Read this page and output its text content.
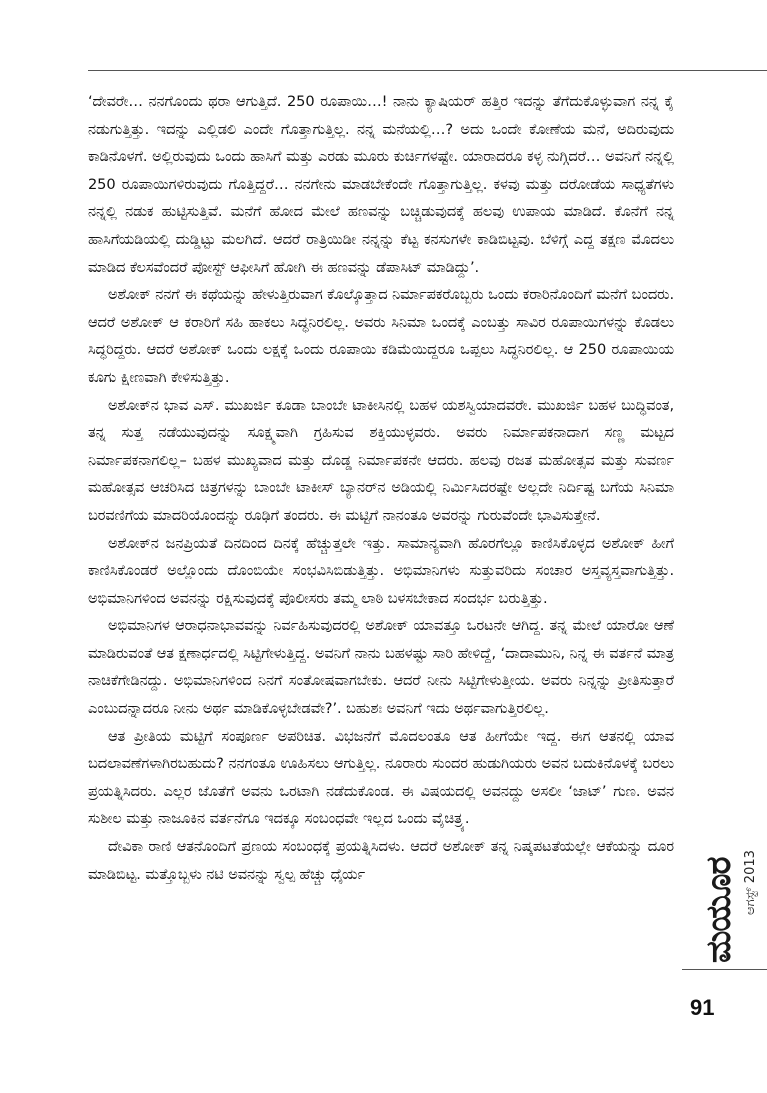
‘ದೇವರೇ… ನನಗೊಂದು ಥರಾ ಆಗುತ್ತಿದೆ. 250 ರೂಪಾಯಿ…! ನಾನು ಕ್ಯಾಷಿಯರ್ ಹತ್ತಿರ ಇದನ್ನು ತೆಗೆದುಕೊಳ್ಳುವಾಗ ನನ್ನ ಕೈ ನಡುಗುತ್ತಿತ್ತು. ಇದನ್ನು ಎಲ್ಲಿಡಲಿ ಎಂದೇ ಗೊತ್ತಾಗುತ್ತಿಲ್ಲ. ನನ್ನ ಮನೆಯಲ್ಲಿ…? ಅದು ಒಂದೇ ಕೋಣೆಯ ಮನೆ, ಅದಿರುವುದು ಕಾಡಿನೊಳಗೆ. ಅಲ್ಲಿರುವುದು ಒಂದು ಹಾಸಿಗೆ ಮತ್ತು ಎರಡು ಮೂರು ಕುರ್ಚಿಗಳಷ್ಟೇ. ಯಾರಾದರೂ ಕಳ್ಳ ನುಗ್ಗಿದರೆ… ಅವನಿಗೆ ನನ್ನಲ್ಲಿ 250 ರೂಪಾಯಿಗಳಿರುವುದು ಗೊತ್ತಿದ್ದರೆ… ನನಗೇನು ಮಾಡಬೇಕೆಂದೇ ಗೊತ್ತಾಗುತ್ತಿಲ್ಲ. ಕಳವು ಮತ್ತು ದರೋಡೆಯ ಸಾಧ್ಯತೆಗಳು ನನ್ನಲ್ಲಿ ನಡುಕ ಹುಟ್ಟಿಸುತ್ತಿವೆ. ಮನೆಗೆ ಹೋದ ಮೇಲೆ ಹಣವನ್ನು ಬಚ್ಚಿಡುವುದಕ್ಕೆ ಹಲವು ಉಪಾಯ ಮಾಡಿದೆ. ಕೊನೆಗೆ ನನ್ನ ಹಾಸಿಗೆಯಡಿಯಲ್ಲಿ ದುಡ್ಡಿಟ್ಟು ಮಲಗಿದೆ. ಆದರೆ ರಾತ್ರಿಯಿಡೀ ನನ್ನನ್ನು ಕೆಟ್ಟ ಕನಸುಗಳೇ ಕಾಡಿಬಿಟ್ಟವು. ಬೆಳಿಗ್ಗೆ ಎದ್ದ ತಕ್ಷಣ ಮೊದಲು ಮಾಡಿದ ಕೆಲಸವೆಂದರೆ ಪೋಸ್ಟ್ ಆಫೀಸಿಗೆ ಹೋಗಿ ಈ ಹಣವನ್ನು ಡೆಪಾಸಿಟ್ ಮಾಡಿದ್ದು’.

ಅಶೋಕ್ ನನಗೆ ಈ ಕಥೆಯನ್ನು ಹೇಳುತ್ತಿರುವಾಗ ಕೊಲ್ಕೊತ್ತಾದ ನಿರ್ಮಾಪಕರೊಬ್ಬರು ಒಂದು ಕರಾರಿನೊಂದಿಗೆ ಮನೆಗೆ ಬಂದರು. ಆದರೆ ಅಶೋಕ್ ಆ ಕರಾರಿಗೆ ಸಹಿ ಹಾಕಲು ಸಿದ್ಧನಿರಲಿಲ್ಲ. ಅವರು ಸಿನಿಮಾ ಒಂದಕ್ಕೆ ಎಂಬತ್ತು ಸಾವಿರ ರೂಪಾಯಿಗಳನ್ನು ಕೊಡಲು ಸಿದ್ಧರಿದ್ದರು. ಆದರೆ ಅಶೋಕ್ ಒಂದು ಲಕ್ಷಕ್ಕೆ ಒಂದು ರೂಪಾಯಿ ಕಡಿಮೆಯಿದ್ದರೂ ಒಪ್ಪಲು ಸಿದ್ಧನಿರಲಿಲ್ಲ. ಆ 250 ರೂಪಾಯಿಯ ಕೂಗು ಕ್ಷೀಣವಾಗಿ ಕೇಳಿಸುತ್ತಿತ್ತು.

ಅಶೋಕ್‌ನ ಭಾವ ಎಸ್. ಮುಖರ್ಜಿ ಕೂಡಾ ಬಾಂಬೇ ಟಾಕೀಸಿನಲ್ಲಿ ಬಹಳ ಯಶಸ್ವಿಯಾದವರೇ. ಮುಖರ್ಜಿ ಬಹಳ ಬುದ್ಧಿವಂತ, ತನ್ನ ಸುತ್ತ ನಡೆಯುವುದನ್ನು ಸೂಕ್ಷ್ಮವಾಗಿ ಗ್ರಹಿಸುವ ಶಕ್ತಿಯುಳ್ಳವರು. ಅವರು ನಿರ್ಮಾಪಕನಾದಾಗ ಸಣ್ಣ ಮಟ್ಟದ ನಿರ್ಮಾಪಕನಾಗಲಿಲ್ಲ– ಬಹಳ ಮುಖ್ಯವಾದ ಮತ್ತು ದೊಡ್ಡ ನಿರ್ಮಾಪಕನೇ ಆದರು. ಹಲವು ರಜತ ಮಹೋತ್ಸವ ಮತ್ತು ಸುವರ್ಣ ಮಹೋತ್ಸವ ಆಚರಿಸಿದ ಚಿತ್ರಗಳನ್ನು ಬಾಂಬೇ ಟಾಕೀಸ್ ಬ್ಯಾನರ್‌ನ ಅಡಿಯಲ್ಲಿ ನಿರ್ಮಿಸಿದರಷ್ಟೇ ಅಲ್ಲದೇ ನಿರ್ದಿಷ್ಟ ಬಗೆಯ ಸಿನಿಮಾ ಬರವಣಿಗೆಯ ಮಾದರಿಯೊಂದನ್ನು ರೂಢಿಗೆ ತಂದರು. ಈ ಮಟ್ಟಿಗೆ ನಾನಂತೂ ಅವರನ್ನು ಗುರುವೆಂದೇ ಭಾವಿಸುತ್ತೇನೆ.

ಅಶೋಕ್‌ನ ಜನಪ್ರಿಯತೆ ದಿನದಿಂದ ದಿನಕ್ಕೆ ಹೆಚ್ಚುತ್ತಲೇ ಇತ್ತು. ಸಾಮಾನ್ಯವಾಗಿ ಹೊರಗೆಲ್ಲೂ ಕಾಣಿಸಿಕೊಳ್ಳದ ಅಶೋಕ್ ಹೀಗೆ ಕಾಣಿಸಿಕೊಂಡರೆ ಅಲ್ಲೊಂದು ದೊಂಬಿಯೇ ಸಂಭವಿಸಿಬಿಡುತ್ತಿತ್ತು. ಅಭಿಮಾನಿಗಳು ಸುತ್ತುವರಿದು ಸಂಚಾರ ಅಸ್ತವ್ಯಸ್ತವಾಗುತ್ತಿತ್ತು. ಅಭಿಮಾನಿಗಳಿಂದ ಅವನನ್ನು ರಕ್ಷಿಸುವುದಕ್ಕೆ ಪೊಲೀಸರು ತಮ್ಮ ಲಾಠಿ ಬಳಸಬೇಕಾದ ಸಂದರ್ಭ ಬರುತ್ತಿತ್ತು.

ಅಭಿಮಾನಿಗಳ ಆರಾಧನಾಭಾವವನ್ನು ನಿರ್ವಹಿಸುವುದರಲ್ಲಿ ಅಶೋಕ್ ಯಾವತ್ತೂ ಒರಟನೇ ಆಗಿದ್ದ. ತನ್ನ ಮೇಲೆ ಯಾರೋ ಆಣೆ ಮಾಡಿರುವಂತೆ ಆತ ಕ್ಷಣಾರ್ಧದಲ್ಲಿ ಸಿಟ್ಟಿಗೇಳುತ್ತಿದ್ದ. ಅವನಿಗೆ ನಾನು ಬಹಳಷ್ಟು ಸಾರಿ ಹೇಳಿದ್ದೆ, ‘ದಾದಾಮುನಿ, ನಿನ್ನ ಈ ವರ್ತನೆ ಮಾತ್ರ ನಾಚಿಕೆಗೇಡಿನದ್ದು. ಅಭಿಮಾನಿಗಳಿಂದ ನಿನಗೆ ಸಂತೋಷವಾಗಬೇಕು. ಆದರೆ ನೀನು ಸಿಟ್ಟಿಗೇಳುತ್ತೀಯ. ಅವರು ನಿನ್ನನ್ನು ಪ್ರೀತಿಸುತ್ತಾರೆ ಎಂಬುದನ್ನಾದರೂ ನೀನು ಅರ್ಥ ಮಾಡಿಕೊಳ್ಳಬೇಡವೇ?’. ಬಹುಶಃ ಅವನಿಗೆ ಇದು ಅರ್ಥವಾಗುತ್ತಿರಲಿಲ್ಲ.

ಆತ ಪ್ರೀತಿಯ ಮಟ್ಟಿಗೆ ಸಂಪೂರ್ಣ ಅಪರಿಚಿತ. ವಿಭಜನೆಗೆ ಮೊದಲಂತೂ ಆತ ಹೀಗೆಯೇ ಇದ್ದ. ಈಗ ಆತನಲ್ಲಿ ಯಾವ ಬದಲಾವಣೆಗಳಾಗಿರಬಹುದು? ನನಗಂತೂ ಊಹಿಸಲು ಆಗುತ್ತಿಲ್ಲ. ನೂರಾರು ಸುಂದರ ಹುಡುಗಿಯರು ಅವನ ಬದುಕಿನೊಳಕ್ಕೆ ಬರಲು ಪ್ರಯತ್ನಿಸಿದರು. ಎಲ್ಲರ ಜೊತೆಗೆ ಅವನು ಒರಟಾಗಿ ನಡೆದುಕೊಂಡ. ಈ ವಿಷಯದಲ್ಲಿ ಅವನದ್ದು ಅಸಲೀ ‘ಜಾಟ್’ ಗುಣ. ಅವನ ಸುಶೀಲ ಮತ್ತು ನಾಜೂಕಿನ ವರ್ತನೆಗೂ ಇದಕ್ಕೂ ಸಂಬಂಧವೇ ಇಲ್ಲದ ಒಂದು ವೈಚಿತ್ರ್ಯ.

ದೇವಿಕಾ ರಾಣಿ ಆತನೊಂದಿಗೆ ಪ್ರಣಯ ಸಂಬಂಧಕ್ಕೆ ಪ್ರಯತ್ನಿಸಿದಳು. ಆದರೆ ಅಶೋಕ್ ತನ್ನ ನಿಷ್ಕಪಟತೆಯಲ್ಲೇ ಆಕೆಯನ್ನು ದೂರ ಮಾಡಿಬಿಟ್ಟ. ಮತ್ತೊಬ್ಬಳು ನಟಿ ಅವನನ್ನು ಸ್ವಲ್ಪ ಹೆಚ್ಚು ಧೈರ್ಯ	ಮಯೂರ ಆಗಸ್ಟ್ 2013
91
